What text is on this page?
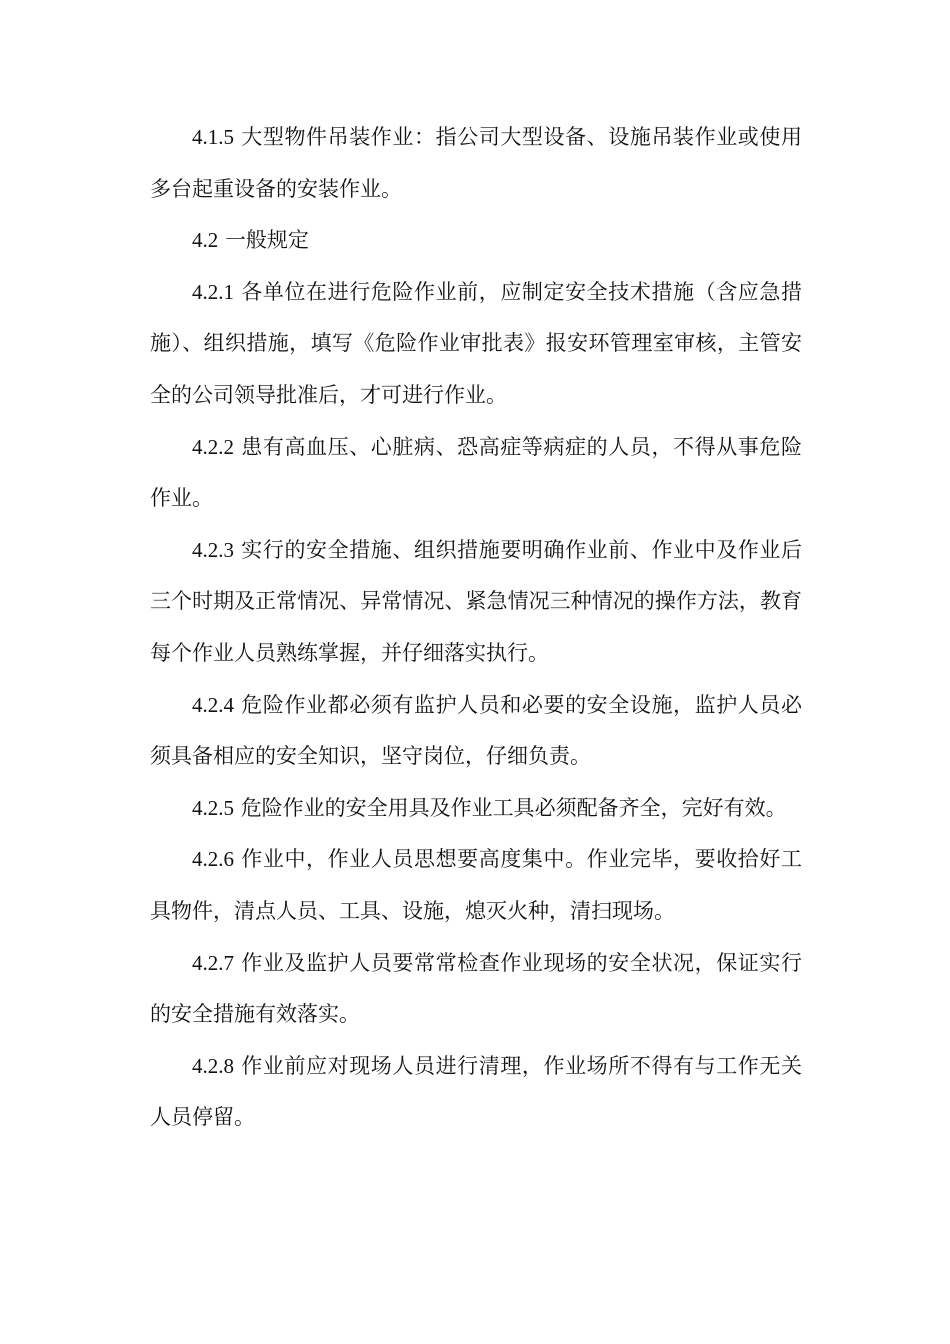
4.1.5 大型物件吊装作业：指公司大型设备、设施吊装作业或使用多台起重设备的安装作业。

4.2 一般规定

4.2.1 各单位在进行危险作业前，应制定安全技术措施（含应急措施）、组织措施，填写《危险作业审批表》报安环管理室审核，主管安全的公司领导批准后，才可进行作业。

4.2.2 患有高血压、心脏病、恐高症等病症的人员，不得从事危险作业。

4.2.3 实行的安全措施、组织措施要明确作业前、作业中及作业后三个时期及正常情况、异常情况、紧急情况三种情况的操作方法，教育每个作业人员熟练掌握，并仔细落实执行。

4.2.4 危险作业都必须有监护人员和必要的安全设施，监护人员必须具备相应的安全知识，坚守岗位，仔细负责。

4.2.5 危险作业的安全用具及作业工具必须配备齐全，完好有效。

4.2.6 作业中，作业人员思想要高度集中。作业完毕，要收拾好工具物件，清点人员、工具、设施，熄灭火种，清扫现场。

4.2.7 作业及监护人员要常常检查作业现场的安全状况，保证实行的安全措施有效落实。

4.2.8 作业前应对现场人员进行清理，作业场所不得有与工作无关人员停留。
